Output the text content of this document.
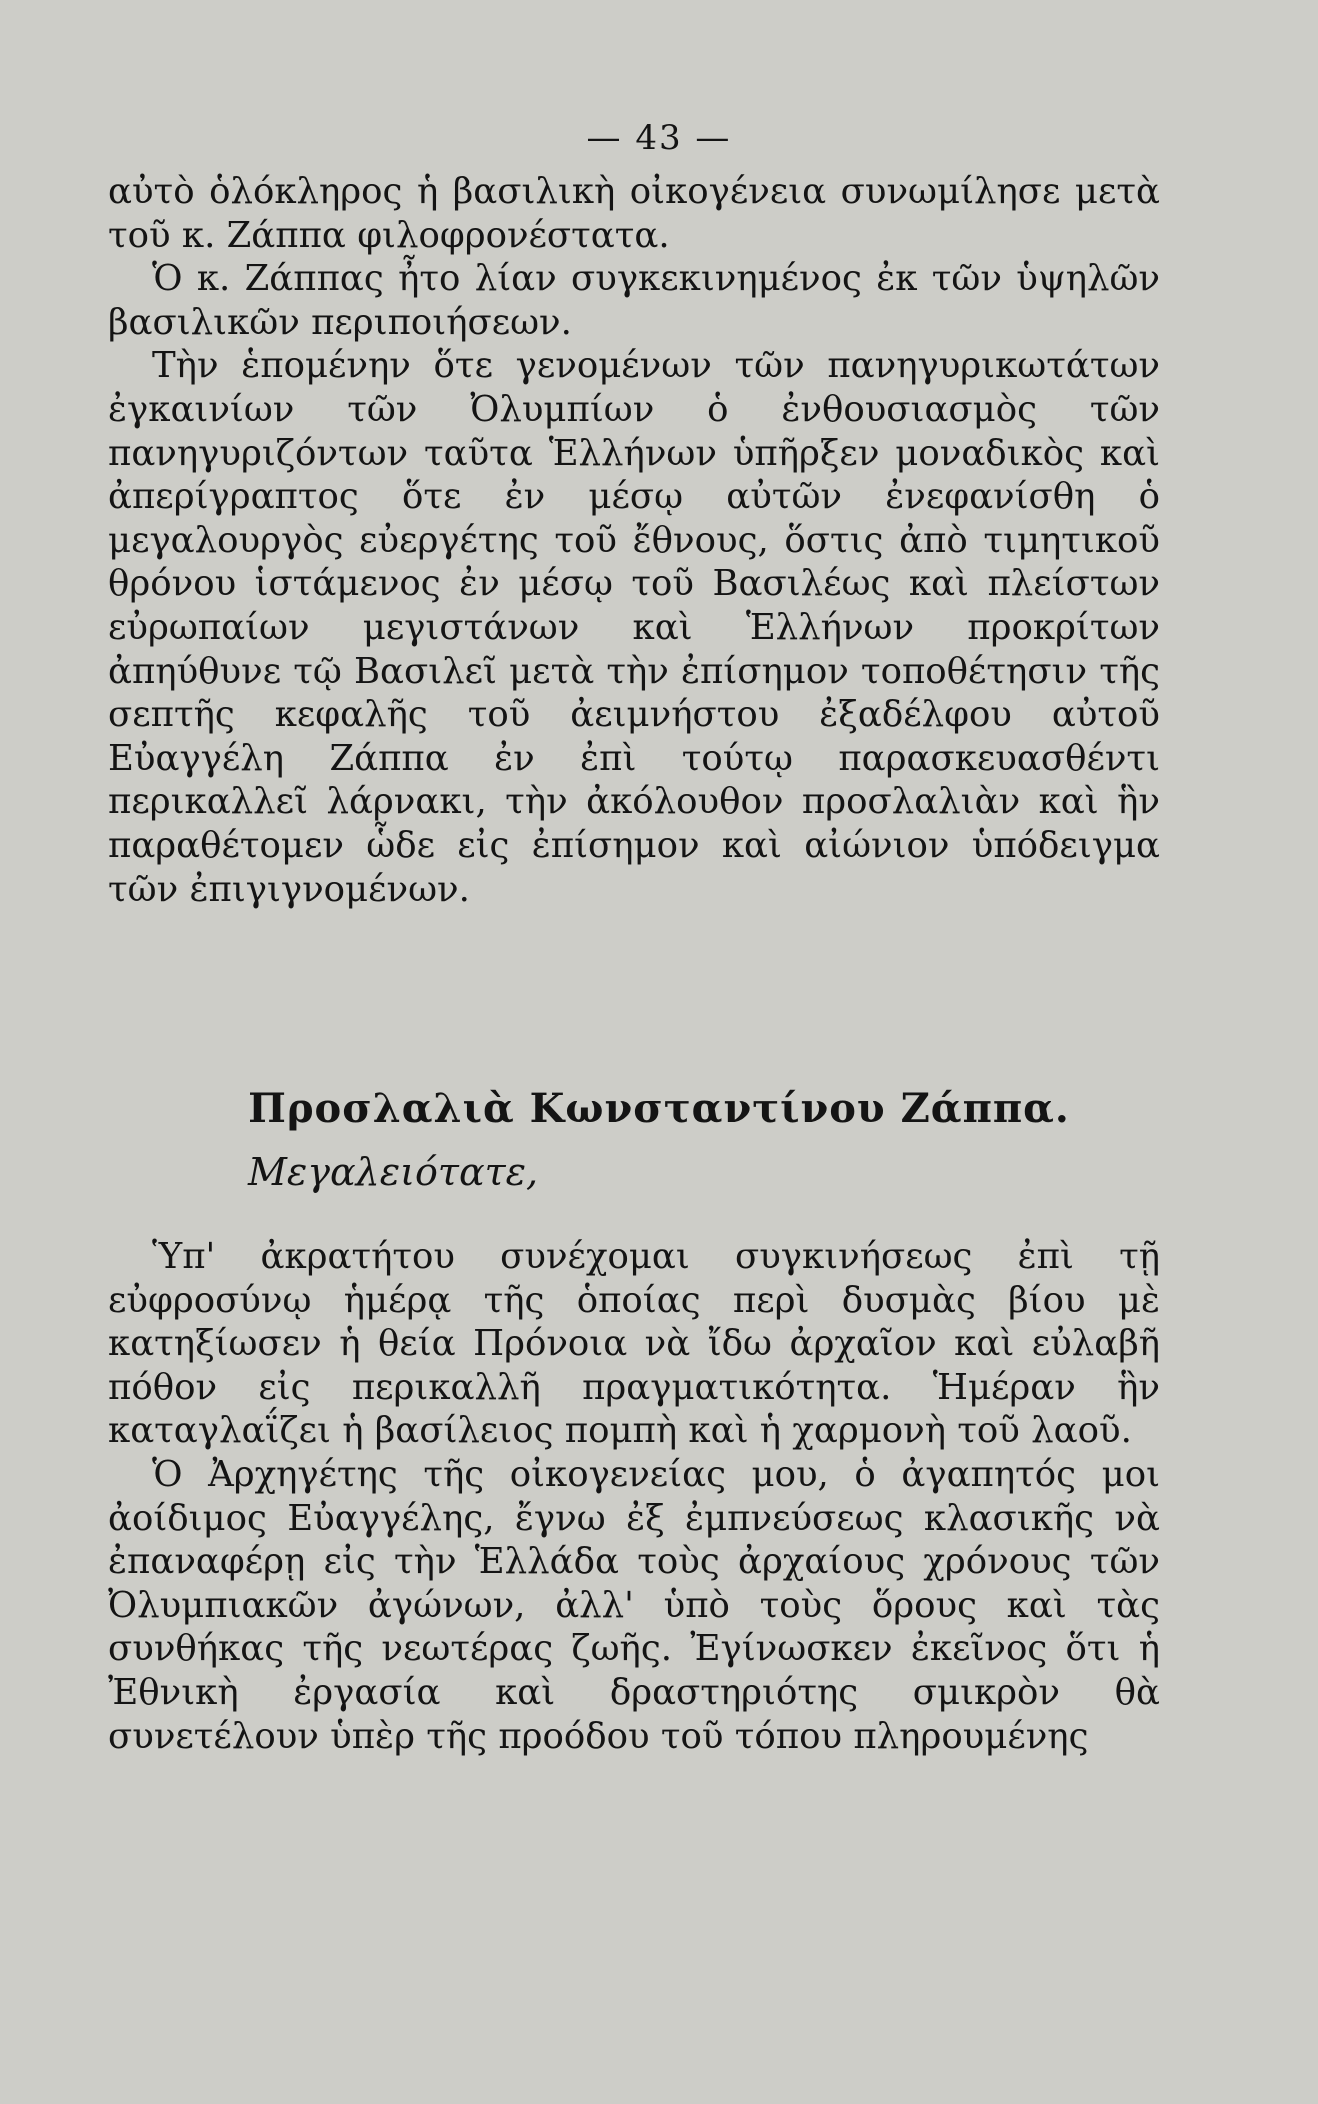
— 43 —

αὐτὸ ὁλόκληρος ἡ βασιλικὴ οἰκογένεια συνωμίλησε μετὰ τοῦ κ. Ζάππα φιλοφρονέστατα.

Ὁ κ. Ζάππας ἦτο λίαν συγκεκινημένος ἐκ τῶν ὑψηλῶν βασιλικῶν περιποιήσεων.

Τὴν ἑπομένην ὅτε γενομένων τῶν πανηγυρικωτάτων ἐγκαινίων τῶν Ὀλυμπίων ὁ ἐνθουσιασμὸς τῶν πανηγυριζόντων ταῦτα Ἑλλήνων ὑπῆρξεν μοναδικὸς καὶ ἀπερίγραπτος ὅτε ἐν μέσῳ αὐτῶν ἐνεφανίσθη ὁ μεγαλουργὸς εὐεργέτης τοῦ ἔθνους, ὅστις ἀπὸ τιμητικοῦ θρόνου ἱστάμενος ἐν μέσῳ τοῦ Βασιλέως καὶ πλείστων εὐρωπαίων μεγιστάνων καὶ Ἑλλήνων προκρίτων ἀπηύθυνε τῷ Βασιλεῖ μετὰ τὴν ἐπίσημον τοποθέτησιν τῆς σεπτῆς κεφαλῆς τοῦ ἀειμνήστου ἐξαδέλφου αὐτοῦ Εὐαγγέλη Ζάππα ἐν ἐπὶ τούτῳ παρασκευασθέντι περικαλλεῖ λάρνακι, τὴν ἀκόλουθον προσλαλιὰν καὶ ἣν παραθέτομεν ὧδε εἰς ἐπίσημον καὶ αἰώνιον ὑπόδειγμα τῶν ἐπιγιγνομένων.

Προσλαλιὰ Κωνσταντίνου Ζάππα.
Μεγαλειότατε,

Ὑπ' ἀκρατήτου συνέχομαι συγκινήσεως ἐπὶ τῇ εὐφροσύνῳ ἡμέρᾳ τῆς ὁποίας περὶ δυσμὰς βίου μὲ κατηξίωσεν ἡ θεία Πρόνοια νὰ ἴδω ἀρχαῖον καὶ εὐλαβῆ πόθον εἰς περικαλλῆ πραγματικότητα. Ἡμέραν ἣν καταγλαΐζει ἡ βασίλειος πομπὴ καὶ ἡ χαρμονὴ τοῦ λαοῦ.

Ὁ Ἀρχηγέτης τῆς οἰκογενείας μου, ὁ ἀγαπητός μοι ἀοίδιμος Εὐαγγέλης, ἔγνω ἐξ ἐμπνεύσεως κλασικῆς νὰ ἐπαναφέρῃ εἰς τὴν Ἑλλάδα τοὺς ἀρχαίους χρόνους τῶν Ὀλυμπιακῶν ἀγώνων, ἀλλ' ὑπὸ τοὺς ὅρους καὶ τὰς συνθήκας τῆς νεωτέρας ζωῆς. Ἐγίνωσκεν ἐκεῖνος ὅτι ἡ Ἐθνικὴ ἐργασία καὶ δραστηριότης σμικρὸν θὰ συνετέλουν ὑπὲρ τῆς προόδου τοῦ τόπου πληρουμένης
